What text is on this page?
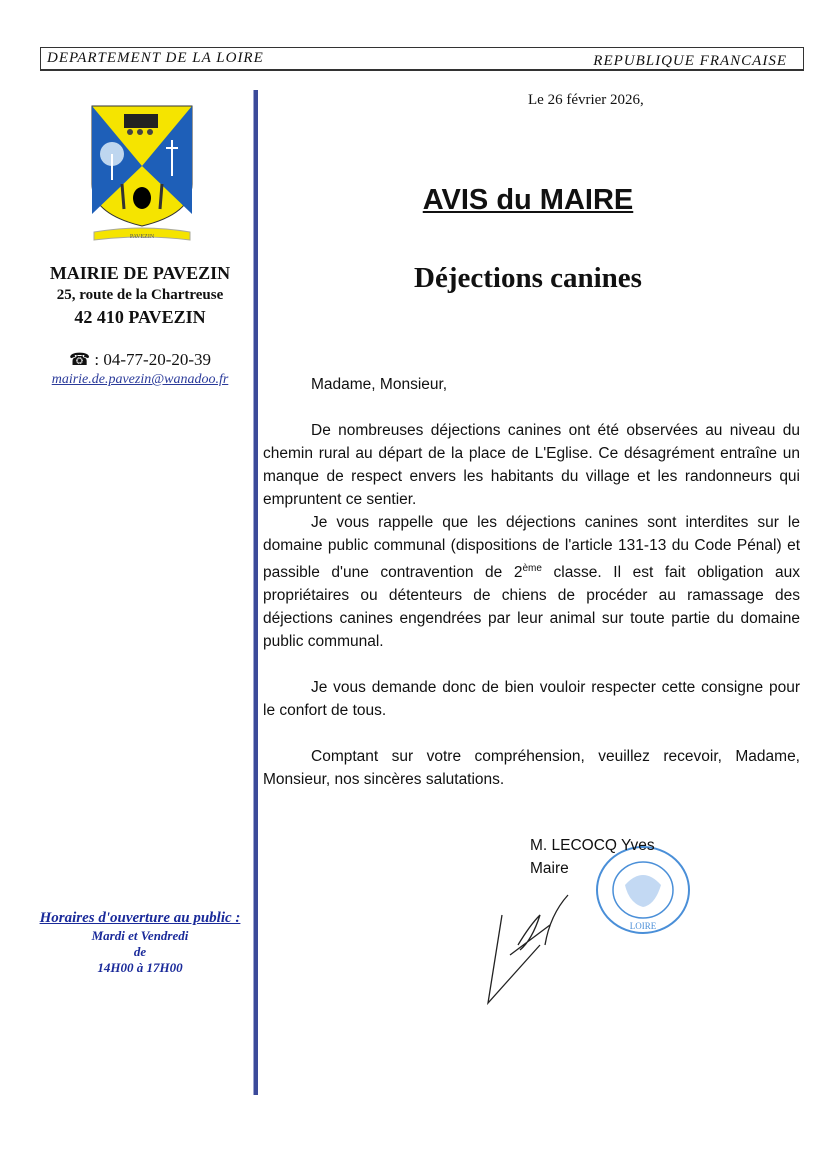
DEPARTEMENT DE LA LOIRE	REPUBLIQUE FRANCAISE
PAVEZIN
MAIRIE DE PAVEZIN
25, route de la Chartreuse
42 410 PAVEZIN
☎ : 04-77-20-20-39
mairie.de.pavezin@wanadoo.fr
Horaires d'ouverture au public :
Mardi et Vendredi
de
14H00 à 17H00
Le 26 février 2026,
AVIS du MAIRE
Déjections canines

Madame, Monsieur,

De nombreuses déjections canines ont été observées au niveau du chemin rural au départ de la place de L'Eglise. Ce désagrément entraîne un manque de respect envers les habitants du village et les randonneurs qui empruntent ce sentier.

Je vous rappelle que les déjections canines sont interdites sur le domaine public communal (dispositions de l'article 131-13 du Code Pénal) et passible d'une contravention de 2ème classe. Il est fait obligation aux propriétaires ou détenteurs de chiens de procéder au ramassage des déjections canines engendrées par leur animal sur toute partie du domaine public communal.

Je vous demande donc de bien vouloir respecter cette consigne pour le confort de tous.

Comptant sur votre compréhension, veuillez recevoir, Madame, Monsieur, nos sincères salutations.

LOIRE
M. LECOCQ Yves
Maire
